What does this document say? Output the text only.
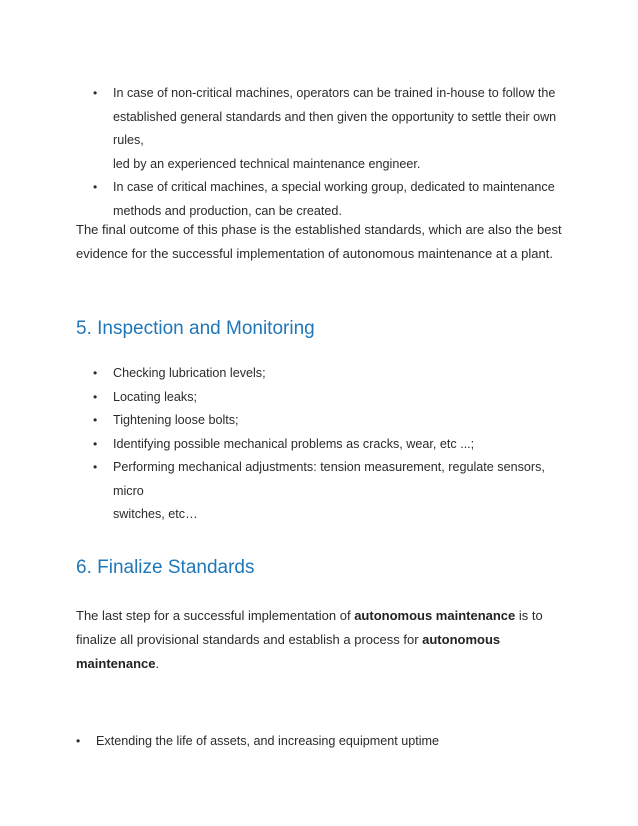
• In case of non-critical machines, operators can be trained in-house to follow the
established general standards and then given the opportunity to settle their own rules,
led by an experienced technical maintenance engineer.
• In case of critical machines, a special working group, dedicated to maintenance
methods and production, can be created.

The final outcome of this phase is the established standards, which are also the best
evidence for the successful implementation of autonomous maintenance at a plant.

5. Inspection and Monitoring
• Checking lubrication levels;
• Locating leaks;
• Tightening loose bolts;
• Identifying possible mechanical problems as cracks, wear, etc ...;
• Performing mechanical adjustments: tension measurement, regulate sensors, micro
switches, etc…
6. Finalize Standards

The last step for a successful implementation of autonomous maintenance is to
finalize all provisional standards and establish a process for autonomous
maintenance.

• Extending the life of assets, and increasing equipment uptime
